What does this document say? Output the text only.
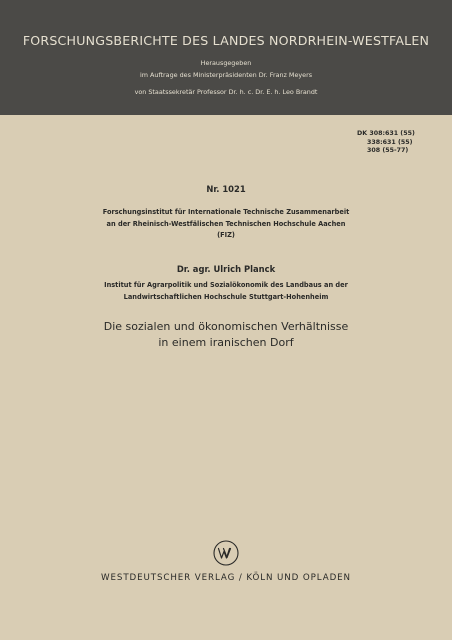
FORSCHUNGSBERICHTE DES LANDES NORDRHEIN-WESTFALEN
Herausgegeben
im Auftrage des Ministerpräsidenten Dr. Franz Meyers
von Staatssekretär Professor Dr. h. c. Dr. E. h. Leo Brandt
DK 308:631 (55)
338:631 (55)
308 (55-77)
Nr. 1021
Forschungsinstitut für Internationale Technische Zusammenarbeit
an der Rheinisch-Westfälischen Technischen Hochschule Aachen
(FIZ)
Dr. agr. Ulrich Planck
Institut für Agrarpolitik und Sozialökonomik des Landbaus an der
Landwirtschaftlichen Hochschule Stuttgart-Hohenheim
Die sozialen und ökonomischen Verhältnisse
in einem iranischen Dorf
WESTDEUTSCHER VERLAG / KÖLN UND OPLADEN
